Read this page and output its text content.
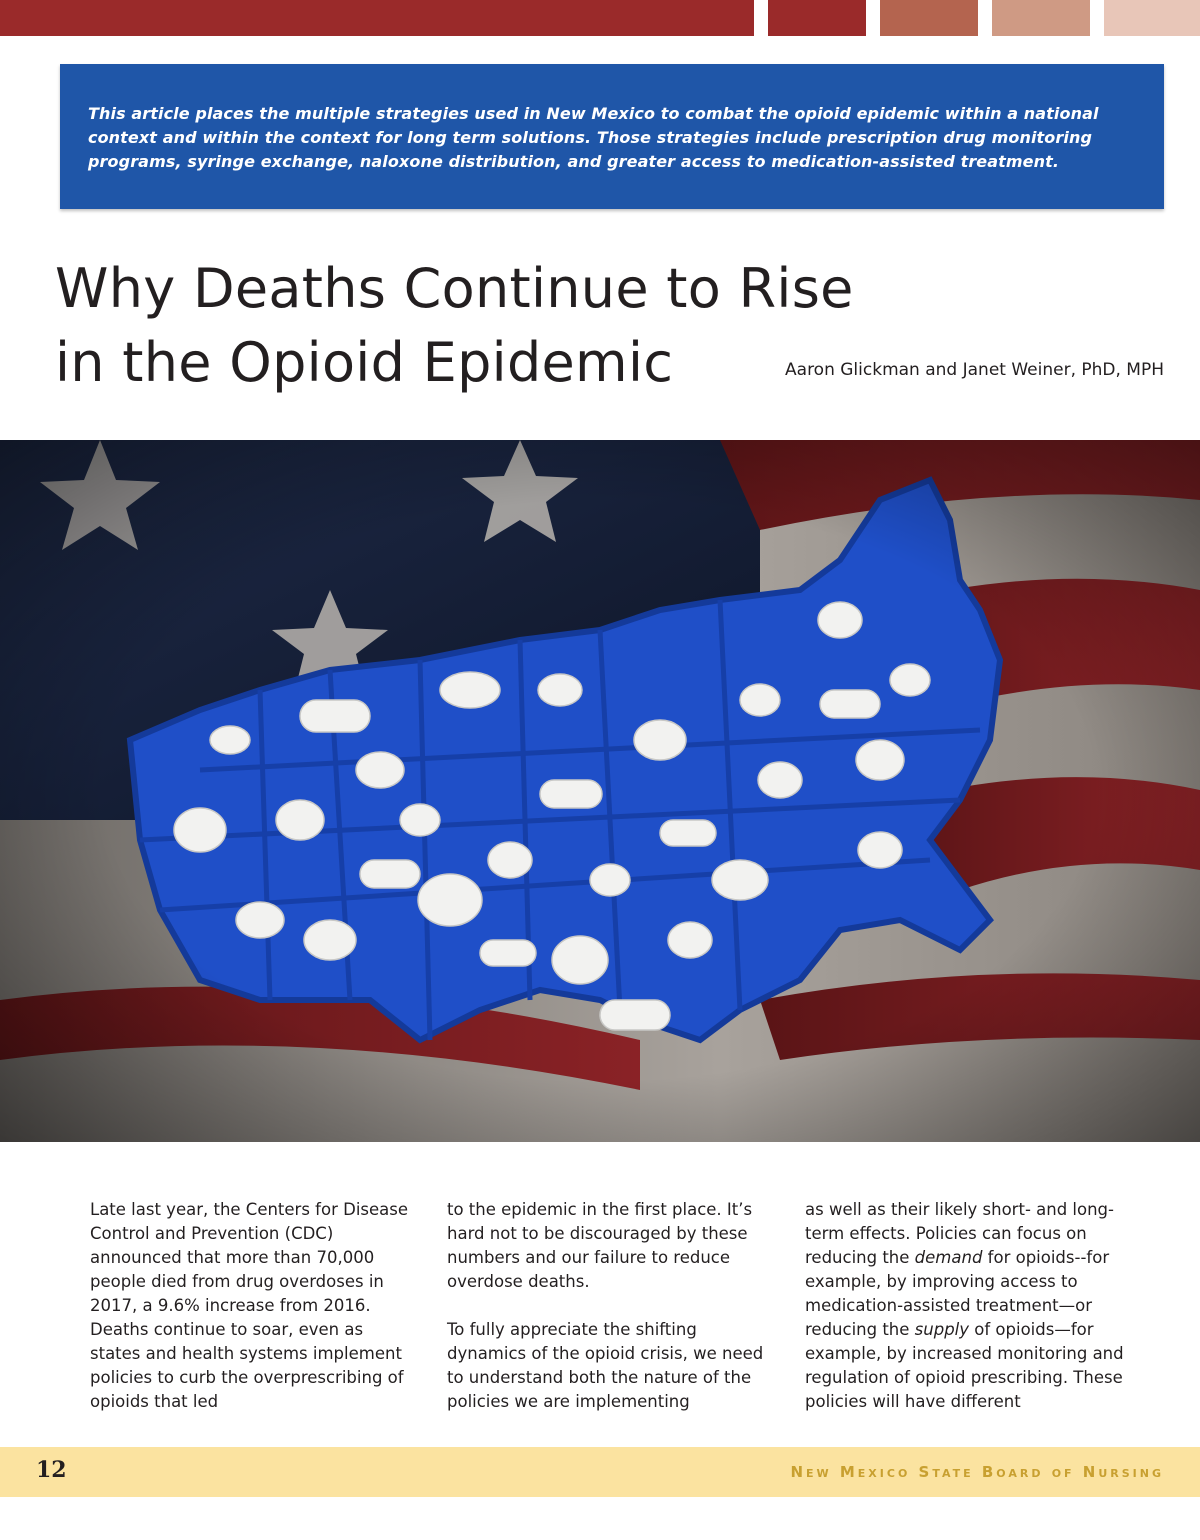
This article places the multiple strategies used in New Mexico to combat the opioid epidemic within a national context and within the context for long term solutions. Those strategies include prescription drug monitoring programs, syringe exchange, naloxone distribution, and greater access to medication-assisted treatment.

Why Deaths Continue to Rise
in the Opioid Epidemic	Aaron Glickman and Janet Weiner, PhD, MPH

Late last year, the Centers for Disease Control and Prevention (CDC) announced that more than 70,000 people died from drug overdoses in 2017, a 9.6% increase from 2016. Deaths continue to soar, even as states and health systems implement policies to curb the overprescribing of opioids that led

to the epidemic in the first place. It’s hard not to be discouraged by these numbers and our failure to reduce overdose deaths.

To fully appreciate the shifting dynamics of the opioid crisis, we need to understand both the nature of the policies we are implementing

as well as their likely short- and long-term effects. Policies can focus on reducing the demand for opioids--for example, by improving access to medication-assisted treatment—or reducing the supply of opioids—for example, by increased monitoring and regulation of opioid prescribing. These policies will have different

12	New Mexico State Board of Nursing
